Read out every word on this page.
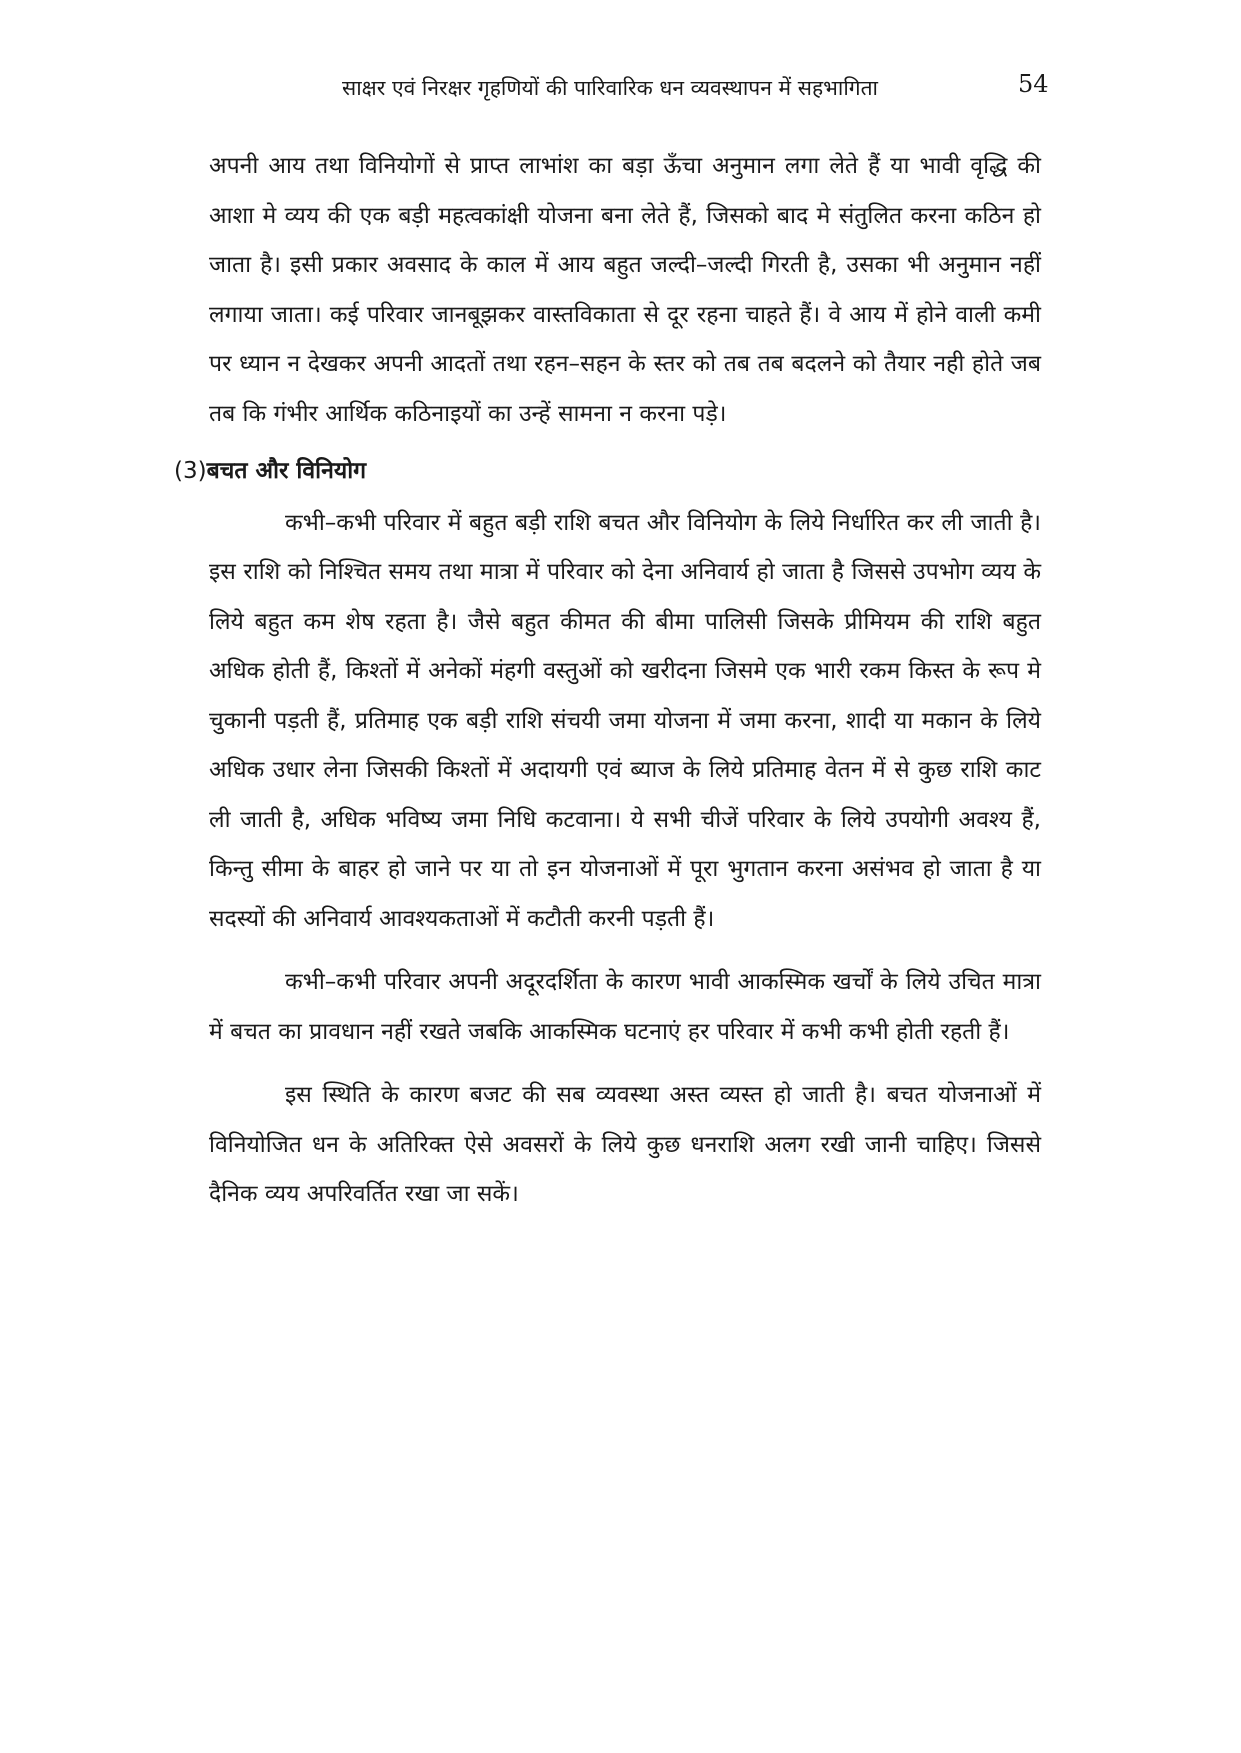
साक्षर एवं निरक्षर गृहणियों की पारिवारिक धन व्यवस्थापन में सहभागिता	54

अपनी आय तथा विनियोगों से प्राप्त लाभांश का बड़ा ऊँचा अनुमान लगा लेते हैं या भावी वृद्धि की आशा मे व्यय की एक बड़ी महत्वकांक्षी योजना बना लेते हैं, जिसको बाद मे संतुलित करना कठिन हो जाता है। इसी प्रकार अवसाद के काल में आय बहुत जल्दी–जल्दी गिरती है, उसका भी अनुमान नहीं लगाया जाता। कई परिवार जानबूझकर वास्तविकाता से दूर रहना चाहते हैं। वे आय में होने वाली कमी पर ध्यान न देखकर अपनी आदतों तथा रहन–सहन के स्तर को तब तब बदलने को तैयार नही होते जब तब कि गंभीर आर्थिक कठिनाइयों का उन्हें सामना न करना पड़े।

(3)बचत और विनियोग

कभी–कभी परिवार में बहुत बड़ी राशि बचत और विनियोग के लिये निर्धारित कर ली जाती है। इस राशि को निश्चित समय तथा मात्रा में परिवार को देना अनिवार्य हो जाता है जिससे उपभोग व्यय के लिये बहुत कम शेष रहता है। जैसे बहुत कीमत की बीमा पालिसी जिसके प्रीमियम की राशि बहुत अधिक होती हैं, किश्तों में अनेकों मंहगी वस्तुओं को खरीदना जिसमे एक भारी रकम किस्त के रूप मे चुकानी पड़ती हैं, प्रतिमाह एक बड़ी राशि संचयी जमा योजना में जमा करना, शादी या मकान के लिये अधिक उधार लेना जिसकी किश्तों में अदायगी एवं ब्याज के लिये प्रतिमाह वेतन में से कुछ राशि काट ली जाती है, अधिक भविष्य जमा निधि कटवाना। ये सभी चीजें परिवार के लिये उपयोगी अवश्य हैं, किन्तु सीमा के बाहर हो जाने पर या तो इन योजनाओं में पूरा भुगतान करना असंभव हो जाता है या सदस्यों की अनिवार्य आवश्यकताओं में कटौती करनी पड़ती हैं।

कभी–कभी परिवार अपनी अदूरदर्शिता के कारण भावी आकस्मिक खर्चों के लिये उचित मात्रा में बचत का प्रावधान नहीं रखते जबकि आकस्मिक घटनाएं हर परिवार में कभी कभी होती रहती हैं।

इस स्थिति के कारण बजट की सब व्यवस्था अस्त व्यस्त हो जाती है। बचत योजनाओं में विनियोजित धन के अतिरिक्त ऐसे अवसरों के लिये कुछ धनराशि अलग रखी जानी चाहिए। जिससे दैनिक व्यय अपरिवर्तित रखा जा सकें।
